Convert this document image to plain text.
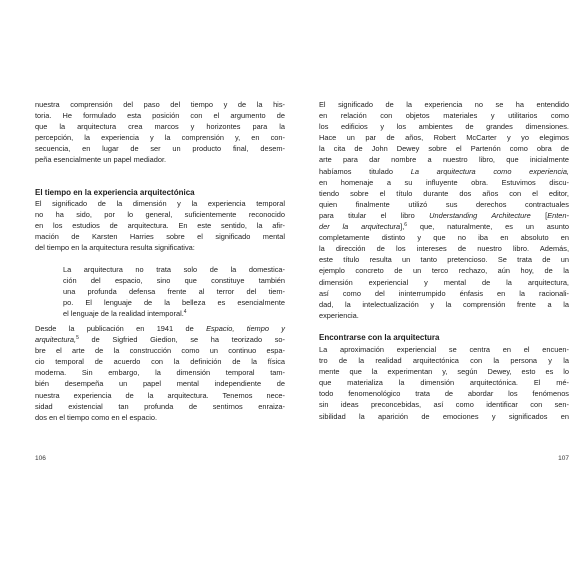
nuestra comprensión del paso del tiempo y de la his-
toria. He formulado esta posición con el argumento de
que la arquitectura crea marcos y horizontes para la
percepción, la experiencia y la comprensión y, en con-
secuencia, en lugar de ser un producto final, desem-
peña esencialmente un papel mediador.
El tiempo en la experiencia arquitectónica
El significado de la dimensión y la experiencia temporal
no ha sido, por lo general, suficientemente reconocido
en los estudios de arquitectura. En este sentido, la afir-
mación de Karsten Harries sobre el significado mental
del tiempo en la arquitectura resulta significativa:
La arquitectura no trata solo de la domestica-
ción del espacio, sino que constituye también
una profunda defensa frente al terror del tiem-
po. El lenguaje de la belleza es esencialmente
el lenguaje de la realidad intemporal.$^4$
Desde la publicación en 1941 de Espacio, tiempo y
arquitectura,$^5$ de Sigfried Giedion, se ha teorizado so-
bre el arte de la construcción como un continuo espa-
cio temporal de acuerdo con la definición de la física
moderna. Sin embargo, la dimensión temporal tam-
bién desempeña un papel mental independiente de
nuestra experiencia de la arquitectura. Tenemos nece-
sidad existencial tan profunda de sentirnos enraiza-
dos en el tiempo como en el espacio.
106
El significado de la experiencia no se ha entendido
en relación con objetos materiales y utilitarios como
los edificios y los ambientes de grandes dimensiones.
Hace un par de años, Robert McCarter y yo elegimos
la cita de John Dewey sobre el Partenón como obra de
arte para dar nombre a nuestro libro, que inicialmente
habíamos titulado La arquitectura como experiencia,
en homenaje a su influyente obra. Estuvimos discu-
tiendo sobre el título durante dos años con el editor,
quien finalmente utilizó sus derechos contractuales
para titular el libro Understanding Architecture [Enten-
der la arquitectura],$^6$ que, naturalmente, es un asunto
completamente distinto y que no iba en absoluto en
la dirección de los intereses de nuestro libro. Además,
este título resulta un tanto pretencioso. Se trata de un
ejemplo concreto de un terco rechazo, aún hoy, de la
dimensión experiencial y mental de la arquitectura,
así como del ininterrumpido énfasis en la racionali-
dad, la intelectualización y la comprensión frente a la
experiencia.
Encontrarse con la arquitectura
La aproximación experiencial se centra en el encuen-
tro de la realidad arquitectónica con la persona y la
mente que la experimentan y, según Dewey, esto es lo
que materializa la dimensión arquitectónica. El mé-
todo fenomenológico trata de abordar los fenómenos
sin ideas preconcebidas, así como identificar con sen-
sibilidad la aparición de emociones y significados en
107
